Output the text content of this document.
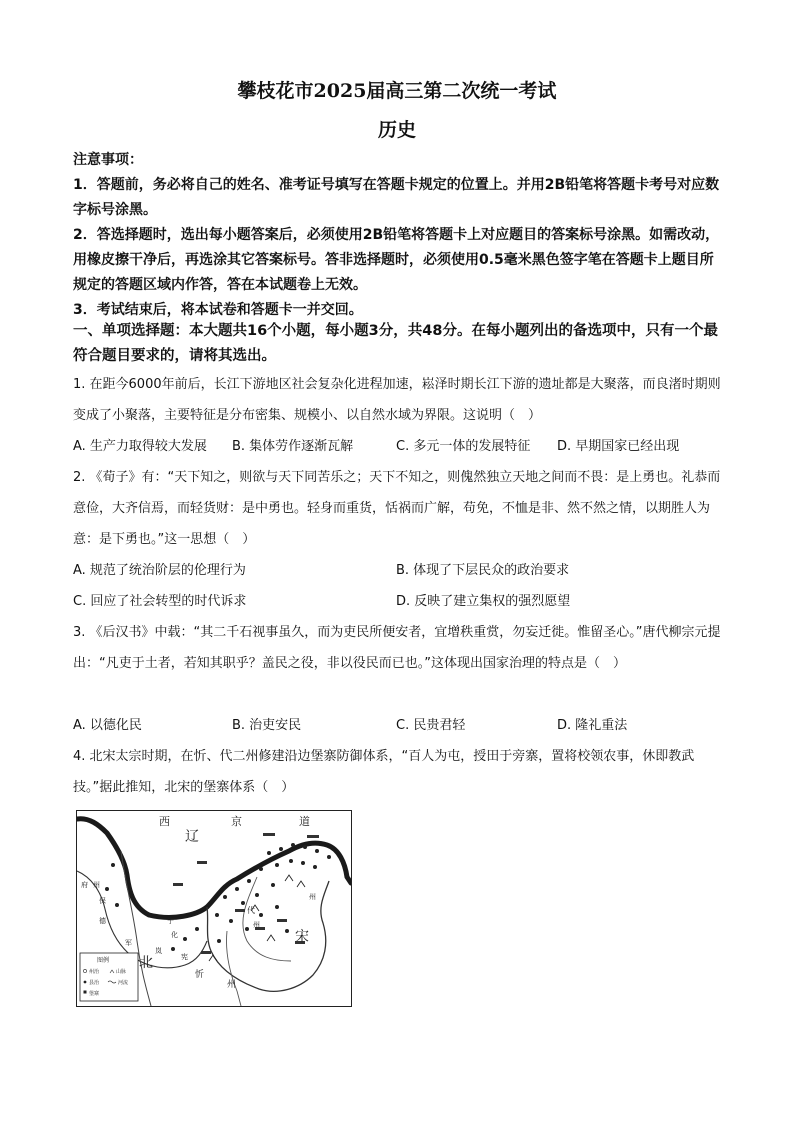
攀枝花市2025届高三第二次统一考试
历史

注意事项：

1．答题前，务必将自己的姓名、准考证号填写在答题卡规定的位置上。并用2B铅笔将答题卡考号对应数字标号涂黑。

2．答选择题时，选出每小题答案后，必须使用2B铅笔将答题卡上对应题目的答案标号涂黑。如需改动，用橡皮擦干净后，再选涂其它答案标号。答非选择题时，必须使用0.5毫米黑色签字笔在答题卡上题目所规定的答题区域内作答，答在本试题卷上无效。

3．考试结束后，将本试卷和答题卡一并交回。

一、单项选择题：本大题共16个小题，每小题3分，共48分。在每小题列出的备选项中，只有一个最符合题目要求的，请将其选出。

1. 在距今6000年前后，长江下游地区社会复杂化进程加速，崧泽时期长江下游的遗址都是大聚落，而良渚时期则变成了小聚落，主要特征是分布密集、规模小、以自然水域为界限。这说明（　）

A. 生产力取得较大发展 B. 集体劳作逐渐瓦解	C. 多元一体的发展特征 D. 早期国家已经出现

2. 《荀子》有：“天下知之，则欲与天下同苦乐之；天下不知之，则傀然独立天地之间而不畏：是上勇也。礼恭而意俭，大齐信焉，而轻货财：是中勇也。轻身而重货，恬祸而广解，苟免，不恤是非、然不然之情，以期胜人为意：是下勇也。”这一思想（　）

A. 规范了统治阶层的伦理行为	B. 体现了下层民众的政治要求
C. 回应了社会转型的时代诉求	D. 反映了建立集权的强烈愿望

3. 《后汉书》中载：“其二千石视事虽久，而为吏民所便安者，宜增秩重赏，勿妄迁徙。惟留圣心。”唐代柳宗元提出：“凡吏于土者，若知其职乎？盖民之役，非以役民而已也。”这体现出国家治理的特点是（　）

A. 以德化民	B. 治吏安民	C. 民贵君轻	D. 隆礼重法

4. 北宋太宗时期，在忻、代二州修建沿边堡寨防御体系，“百人为屯，授田于旁寨，置将校领农事，休即教武技。”据此推知，北宋的堡寨体系（　）

西
辽
京	道
府 州
保
德
军
宁
化
岚
宪
代
州
宋
州
北
忻
州
图例
州治	山脉
县治	河流
堡寨
